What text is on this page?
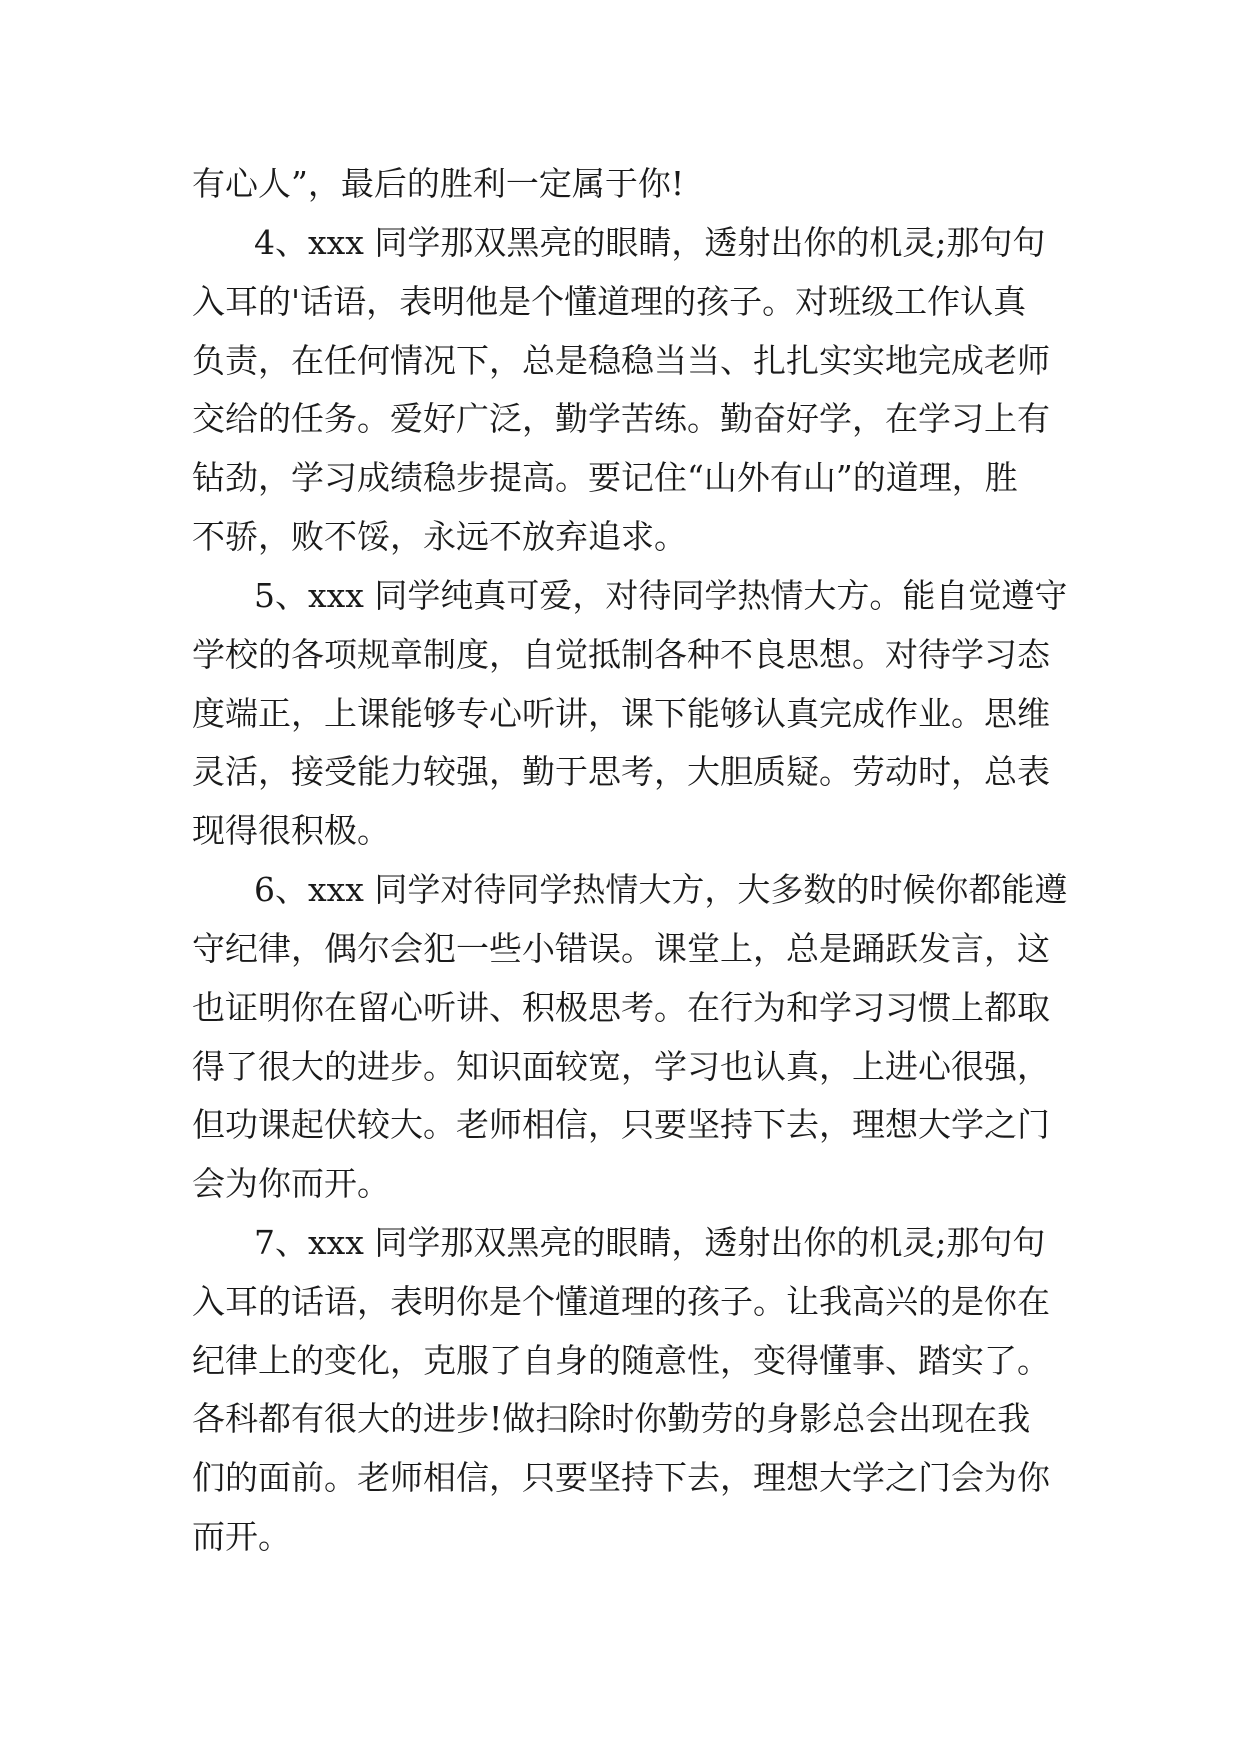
有心人”，最后的胜利一定属于你!
4、xxx 同学那双黑亮的眼睛，透射出你的机灵;那句句
入耳的'话语，表明他是个懂道理的孩子。对班级工作认真
负责，在任何情况下，总是稳稳当当、扎扎实实地完成老师
交给的任务。爱好广泛，勤学苦练。勤奋好学，在学习上有
钻劲，学习成绩稳步提高。要记住“山外有山”的道理，胜
不骄，败不馁，永远不放弃追求。
5、xxx 同学纯真可爱，对待同学热情大方。能自觉遵守
学校的各项规章制度，自觉抵制各种不良思想。对待学习态
度端正，上课能够专心听讲，课下能够认真完成作业。思维
灵活，接受能力较强，勤于思考，大胆质疑。劳动时，总表
现得很积极。
6、xxx 同学对待同学热情大方，大多数的时候你都能遵
守纪律，偶尔会犯一些小错误。课堂上，总是踊跃发言，这
也证明你在留心听讲、积极思考。在行为和学习习惯上都取
得了很大的进步。知识面较宽，学习也认真，上进心很强，
但功课起伏较大。老师相信，只要坚持下去，理想大学之门
会为你而开。
7、xxx 同学那双黑亮的眼睛，透射出你的机灵;那句句
入耳的话语，表明你是个懂道理的孩子。让我高兴的是你在
纪律上的变化，克服了自身的随意性，变得懂事、踏实了。
各科都有很大的进步!做扫除时你勤劳的身影总会出现在我
们的面前。老师相信，只要坚持下去，理想大学之门会为你
而开。
